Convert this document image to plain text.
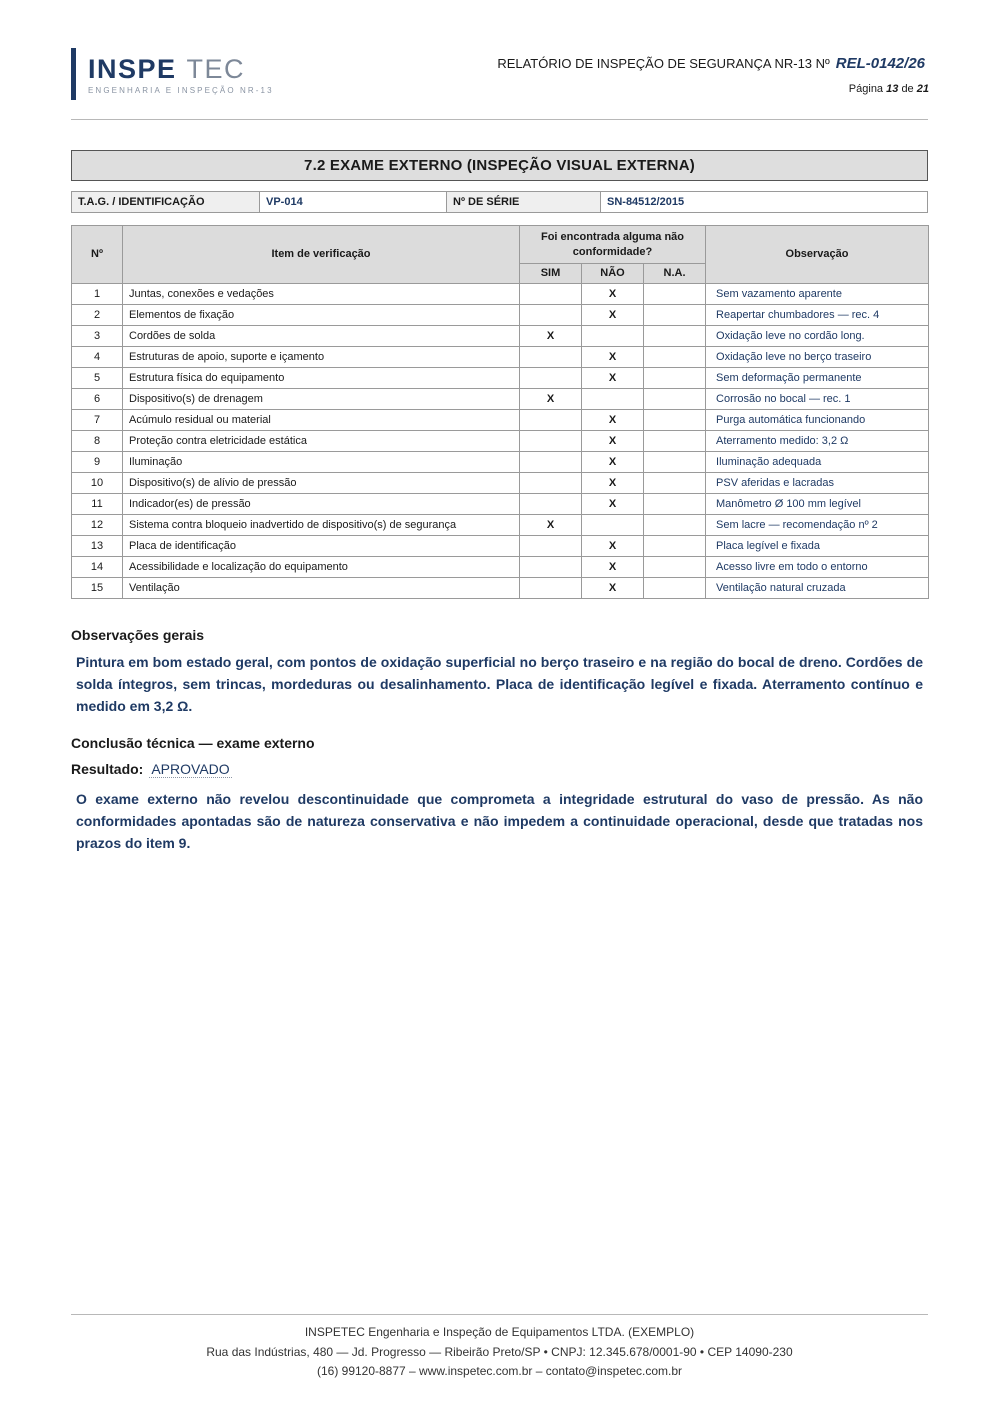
INSPE TEC
ENGENHARIA E INSPEÇÃO NR-13
RELATÓRIO DE INSPEÇÃO DE SEGURANÇA NR-13 Nº REL-0142/26
Página 13 de 21
7.2 EXAME EXTERNO (INSPEÇÃO VISUAL EXTERNA)
T.A.G. / IDENTIFICAÇÃO	VP-014	Nº DE SÉRIE	SN-84512/2015
Nº	Item de verificação	Foi encontrada alguma não conformidade?			Observação
		SIM	NÃO	N.A.	
1	Juntas, conexões e vedações		X		Sem vazamento aparente
2	Elementos de fixação		X		Reapertar chumbadores — rec. 4
3	Cordões de solda	X			Oxidação leve no cordão long.
4	Estruturas de apoio, suporte e içamento		X		Oxidação leve no berço traseiro
5	Estrutura física do equipamento		X		Sem deformação permanente
6	Dispositivo(s) de drenagem	X			Corrosão no bocal — rec. 1
7	Acúmulo residual ou material		X		Purga automática funcionando
8	Proteção contra eletricidade estática		X		Aterramento medido: 3,2 Ω
9	Iluminação		X		Iluminação adequada
10	Dispositivo(s) de alívio de pressão		X		PSV aferidas e lacradas
11	Indicador(es) de pressão		X		Manômetro Ø 100 mm legível
12	Sistema contra bloqueio inadvertido de dispositivo(s) de segurança	X			Sem lacre — recomendação nº 2
13	Placa de identificação		X		Placa legível e fixada
14	Acessibilidade e localização do equipamento		X		Acesso livre em todo o entorno
15	Ventilação		X		Ventilação natural cruzada
Observações gerais
Pintura em bom estado geral, com pontos de oxidação superficial no berço traseiro e na região do bocal de dreno. Cordões de solda íntegros, sem trincas, mordeduras ou desalinhamento. Placa de identificação legível e fixada. Aterramento contínuo e medido em 3,2 Ω.
Conclusão técnica — exame externo
Resultado: APROVADO
O exame externo não revelou descontinuidade que comprometa a integridade estrutural do vaso de pressão. As não conformidades apontadas são de natureza conservativa e não impedem a continuidade operacional, desde que tratadas nos prazos do item 9.
INSPETEC Engenharia e Inspeção de Equipamentos LTDA. (EXEMPLO)
Rua das Indústrias, 480 — Jd. Progresso — Ribeirão Preto/SP • CNPJ: 12.345.678/0001-90 • CEP 14090-230
(16) 99120-8877 – www.inspetec.com.br – contato@inspetec.com.br
